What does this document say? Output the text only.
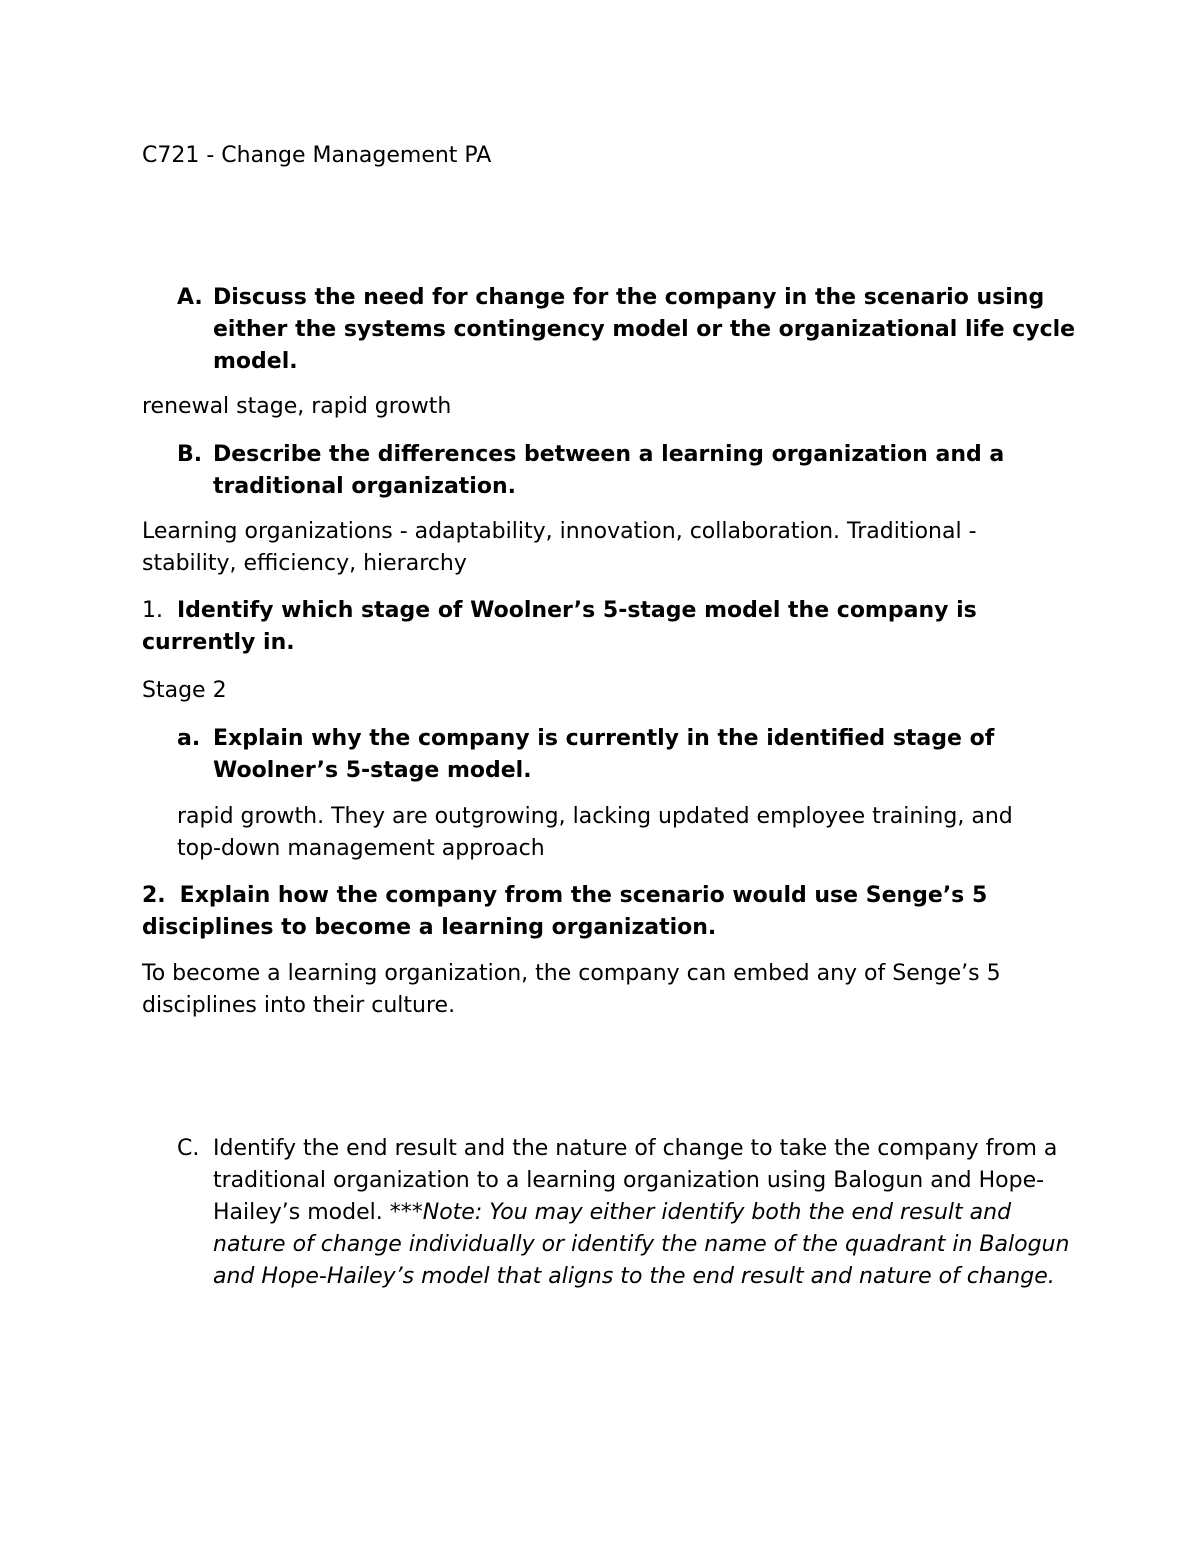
C721 - Change Management PA
A. Discuss the need for change for the company in the scenario using either the systems contingency model or the organizational life cycle model.
renewal stage, rapid growth
B. Describe the differences between a learning organization and a traditional organization.
Learning organizations - adaptability, innovation, collaboration. Traditional - stability, efficiency, hierarchy
1. Identify which stage of Woolner’s 5-stage model the company is currently in.
Stage 2
a. Explain why the company is currently in the identified stage of Woolner’s 5-stage model.
rapid growth. They are outgrowing, lacking updated employee training, and top-down management approach
2. Explain how the company from the scenario would use Senge’s 5 disciplines to become a learning organization.
To become a learning organization, the company can embed any of Senge’s 5 disciplines into their culture.
C. Identify the end result and the nature of change to take the company from a traditional organization to a learning organization using Balogun and Hope-Hailey’s model. ***Note: You may either identify both the end result and nature of change individually or identify the name of the quadrant in Balogun and Hope-Hailey’s model that aligns to the end result and nature of change.
